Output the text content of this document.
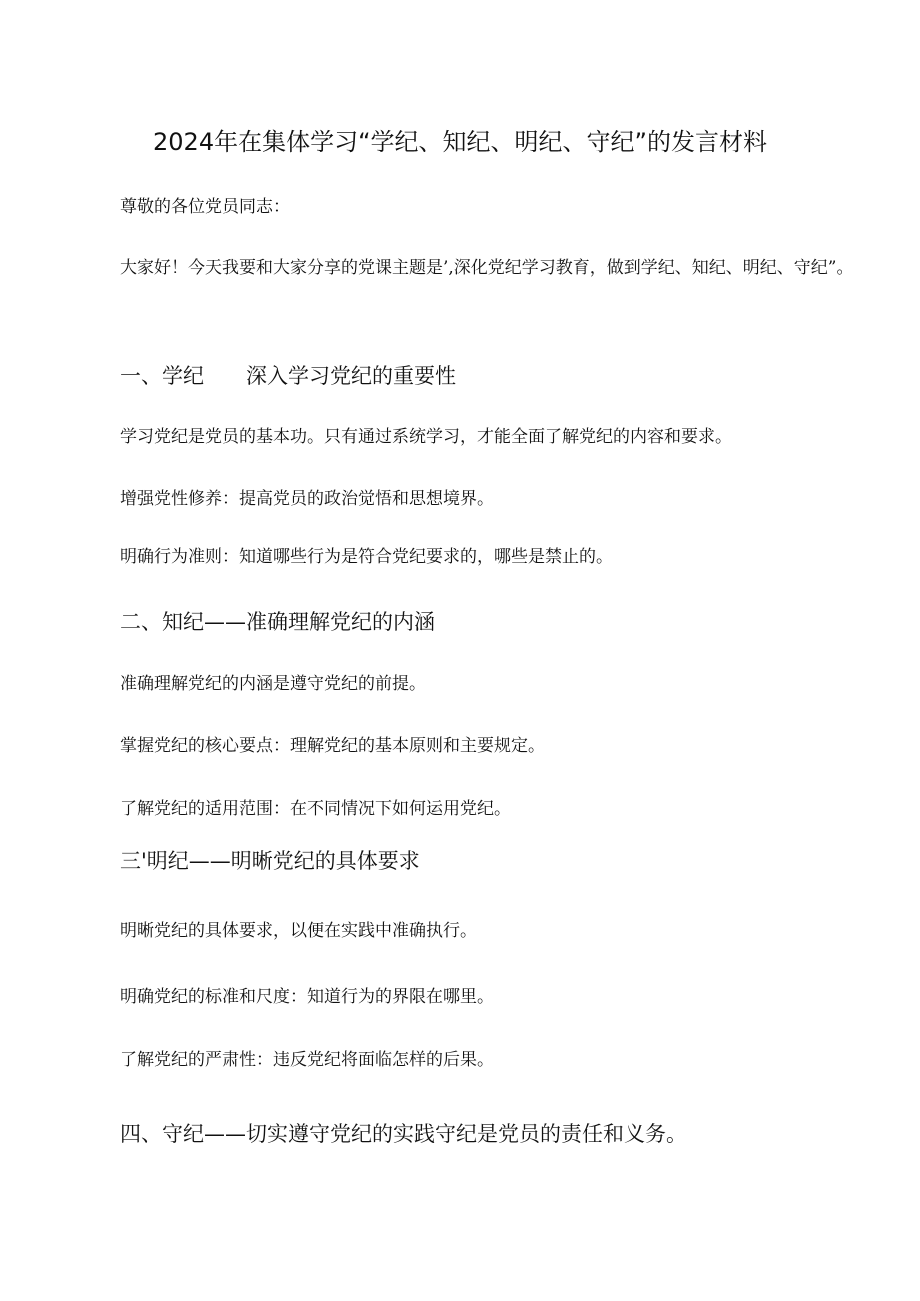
2024年在集体学习“学纪、知纪、明纪、守纪”的发言材料

尊敬的各位党员同志：

大家好！今天我要和大家分享的党课主题是’,深化党纪学习教育，做到学纪、知纪、明纪、守纪”。

一、学纪　　深入学习党纪的重要性

学习党纪是党员的基本功。只有通过系统学习，才能全面了解党纪的内容和要求。

增强党性修养：提高党员的政治觉悟和思想境界。

明确行为准则：知道哪些行为是符合党纪要求的，哪些是禁止的。

二、知纪——准确理解党纪的内涵

准确理解党纪的内涵是遵守党纪的前提。

掌握党纪的核心要点：理解党纪的基本原则和主要规定。

了解党纪的适用范围：在不同情况下如何运用党纪。

三'明纪——明晰党纪的具体要求

明晰党纪的具体要求，以便在实践中准确执行。

明确党纪的标准和尺度：知道行为的界限在哪里。

了解党纪的严肃性：违反党纪将面临怎样的后果。

四、守纪——切实遵守党纪的实践守纪是党员的责任和义务。
